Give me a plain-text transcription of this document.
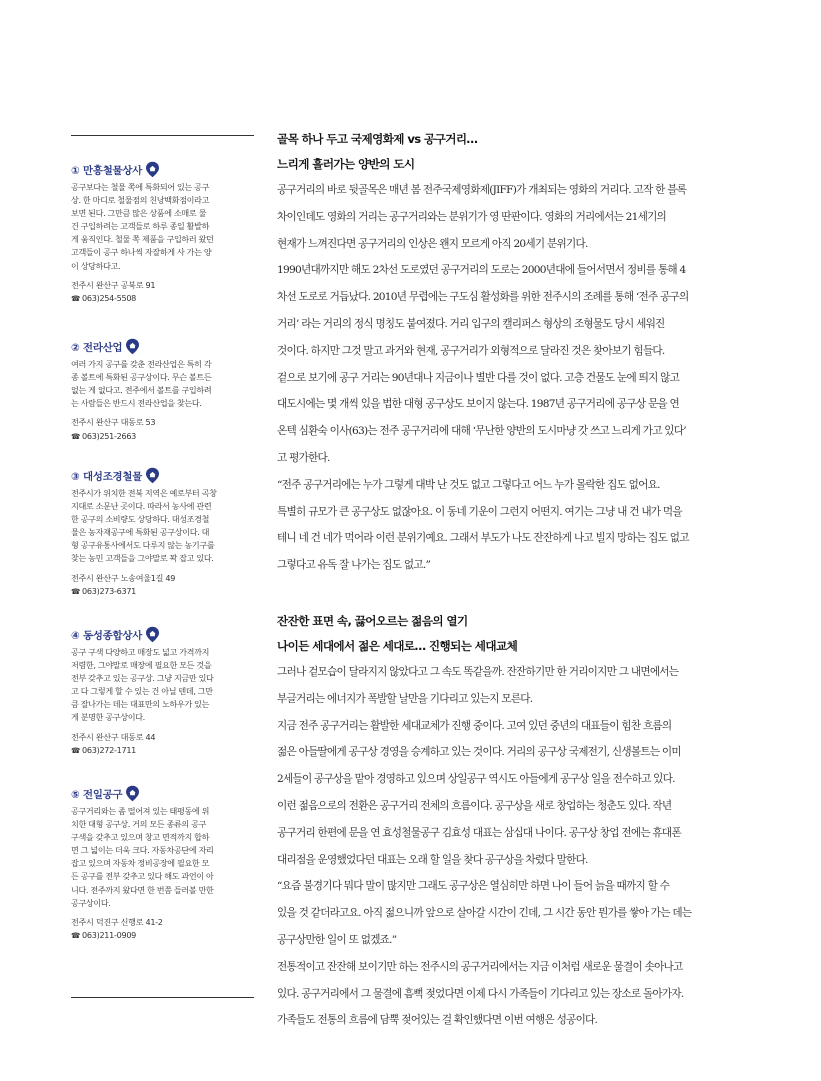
① 만흥철물상사
공구보다는 철물 쪽에 특화되어 있는 공구
상. 한 마디로 철물점의 친낭백화점이라고
보면 된다. 그만큼 많은 상품에 소매로 물
건 구입하려는 고객들로 하루 종일 활발하
게 움직인다. 철물 쪽 제품을 구입하러 왔던
고객들이 공구 하나씩 자잘하게 사 가는 양
이 상당하다고.
전주시 완산구 공북로 91
☎ 063)254-5508
② 전라산업
여러 가지 공구를 갖춘 전라산업은 특히 각
종 볼트에 특화된 공구상이다. 무슨 볼트든
없는 게 없다고. 전주에서 볼트를 구입하려
는 사람들은 반드시 전라산업을 찾는다.
전주시 완산구 대동로 53
☎ 063)251-2663
③ 대성조경철물
전주시가 위치한 전북 지역은 예로부터 곡창
지대로 소문난 곳이다. 따라서 농사에 관련
한 공구의 소비량도 상당하다. 대성조경철
물은 농자재공구에 특화된 공구상이다. 대
형 공구유통사에서도 다루지 않는 농기구를
찾는 농민 고객들을 그야말로 꽉 잡고 있다.
전주시 완산구 노송여울1길 49
☎ 063)273-6371
④ 동성종합상사
공구 구색 다양하고 매장도 넓고 가격까지
저렴한, 그야말로 매장에 필요한 모든 것을
전부 갖추고 있는 공구상. 그냥 지금만 있다
고 다 그렇게 할 수 있는 건 아닐 텐데, 그만
큼 잘나가는 데는 대표만의 노하우가 있는
게 분명한 공구상이다.
전주시 완산구 대동로 44
☎ 063)272-1711
⑤ 전일공구
공구거리와는 좀 떨어져 있는 태평동에 위
치한 대형 공구상. 거의 모든 종류의 공구
구색을 갖추고 있으며 창고 면적까지 합하
면 그 넓이는 더욱 크다. 자동차공단에 자리
잡고 있으며 자동차 정비공장에 필요한 모
든 공구를 전부 갖추고 있다 해도 과언이 아
니다. 전주까지 왔다면 한 번쯤 들러볼 만한
공구상이다.
전주시 덕진구 신행로 41-2
☎ 063)211-0909
골목 하나 두고 국제영화제 vs 공구거리…
느리게 흘러가는 양반의 도시
공구거리의 바로 뒷골목은 매년 봄 전주국제영화제(JIFF)가 개최되는 영화의 거리다. 고작 한 블록
차이인데도 영화의 거리는 공구거리와는 분위기가 영 딴판이다. 영화의 거리에서는 21세기의
현재가 느껴진다면 공구거리의 인상은 왠지 모르게 아직 20세기 분위기다.
1990년대까지만 해도 2차선 도로였던 공구거리의 도로는 2000년대에 들어서면서 정비를 통해 4
차선 도로로 거듭났다. 2010년 무렵에는 구도심 활성화를 위한 전주시의 조례를 통해 ‘전주 공구의
거리’ 라는 거리의 정식 명칭도 붙여졌다. 거리 입구의 캘리퍼스 형상의 조형물도 당시 세워진
것이다. 하지만 그것 말고 과거와 현재, 공구거리가 외형적으로 달라진 것은 찾아보기 힘들다.
겉으로 보기에 공구 거리는 90년대나 지금이나 별반 다를 것이 없다. 고층 건물도 눈에 띄지 않고
대도시에는 몇 개씩 있을 법한 대형 공구상도 보이지 않는다. 1987년 공구거리에 공구상 문을 연
온텍 심환숙 이사(63)는 전주 공구거리에 대해 ‘무난한 양반의 도시마냥 갓 쓰고 느리게 가고 있다’
고 평가한다.
“전주 공구거리에는 누가 그렇게 대박 난 것도 없고 그렇다고 어느 누가 몰락한 집도 없어요.
특별히 규모가 큰 공구상도 없잖아요. 이 동네 기운이 그런지 어떤지. 여기는 그냥 내 건 내가 먹을
테니 네 건 네가 먹어라 이런 분위기예요. 그래서 부도가 나도 잔잔하게 나고 빌지 망하는 집도 없고
그렇다고 유독 잘 나가는 집도 없고.”
잔잔한 표면 속, 끓어오르는 젊음의 열기
나이든 세대에서 젊은 세대로… 진행되는 세대교체
그러나 겉모습이 달라지지 않았다고 그 속도 똑같을까. 잔잔하기만 한 거리이지만 그 내면에서는
부글거리는 에너지가 폭발할 날만을 기다리고 있는지 모른다.
지금 전주 공구거리는 활발한 세대교체가 진행 중이다. 고여 있던 중년의 대표들이 힘찬 흐름의
젊은 아들딸에게 공구상 경영을 승계하고 있는 것이다. 거리의 공구상 국제전기, 신생볼트는 이미
2세들이 공구상을 맡아 경영하고 있으며 상일공구 역시도 아들에게 공구상 일을 전수하고 있다.
이런 젊음으로의 전환은 공구거리 전체의 흐름이다. 공구상을 새로 창업하는 청춘도 있다. 작년
공구거리 한편에 문을 연 효성철물공구 김효성 대표는 삼십대 나이다. 공구상 창업 전에는 휴대폰
대리점을 운영했었다던 대표는 오래 할 일을 찾다 공구상을 차렸다 말한다.
“요즘 불경기다 뭐다 말이 많지만 그래도 공구상은 열심히만 하면 나이 들어 늙을 때까지 할 수
있을 것 같더라고요. 아직 젊으니까 앞으로 살아갈 시간이 긴데, 그 시간 동안 뭔가를 쌓아 가는 데는
공구상만한 일이 또 없겠죠.”
전통적이고 잔잔해 보이기만 하는 전주시의 공구거리에서는 지금 이처럼 새로운 물결이 솟아나고
있다. 공구거리에서 그 물결에 흠뻑 젖었다면 이제 다시 가족들이 기다리고 있는 장소로 돌아가자.
가족들도 전통의 흐름에 담뿍 젖어있는 걸 확인했다면 이번 여행은 성공이다.
